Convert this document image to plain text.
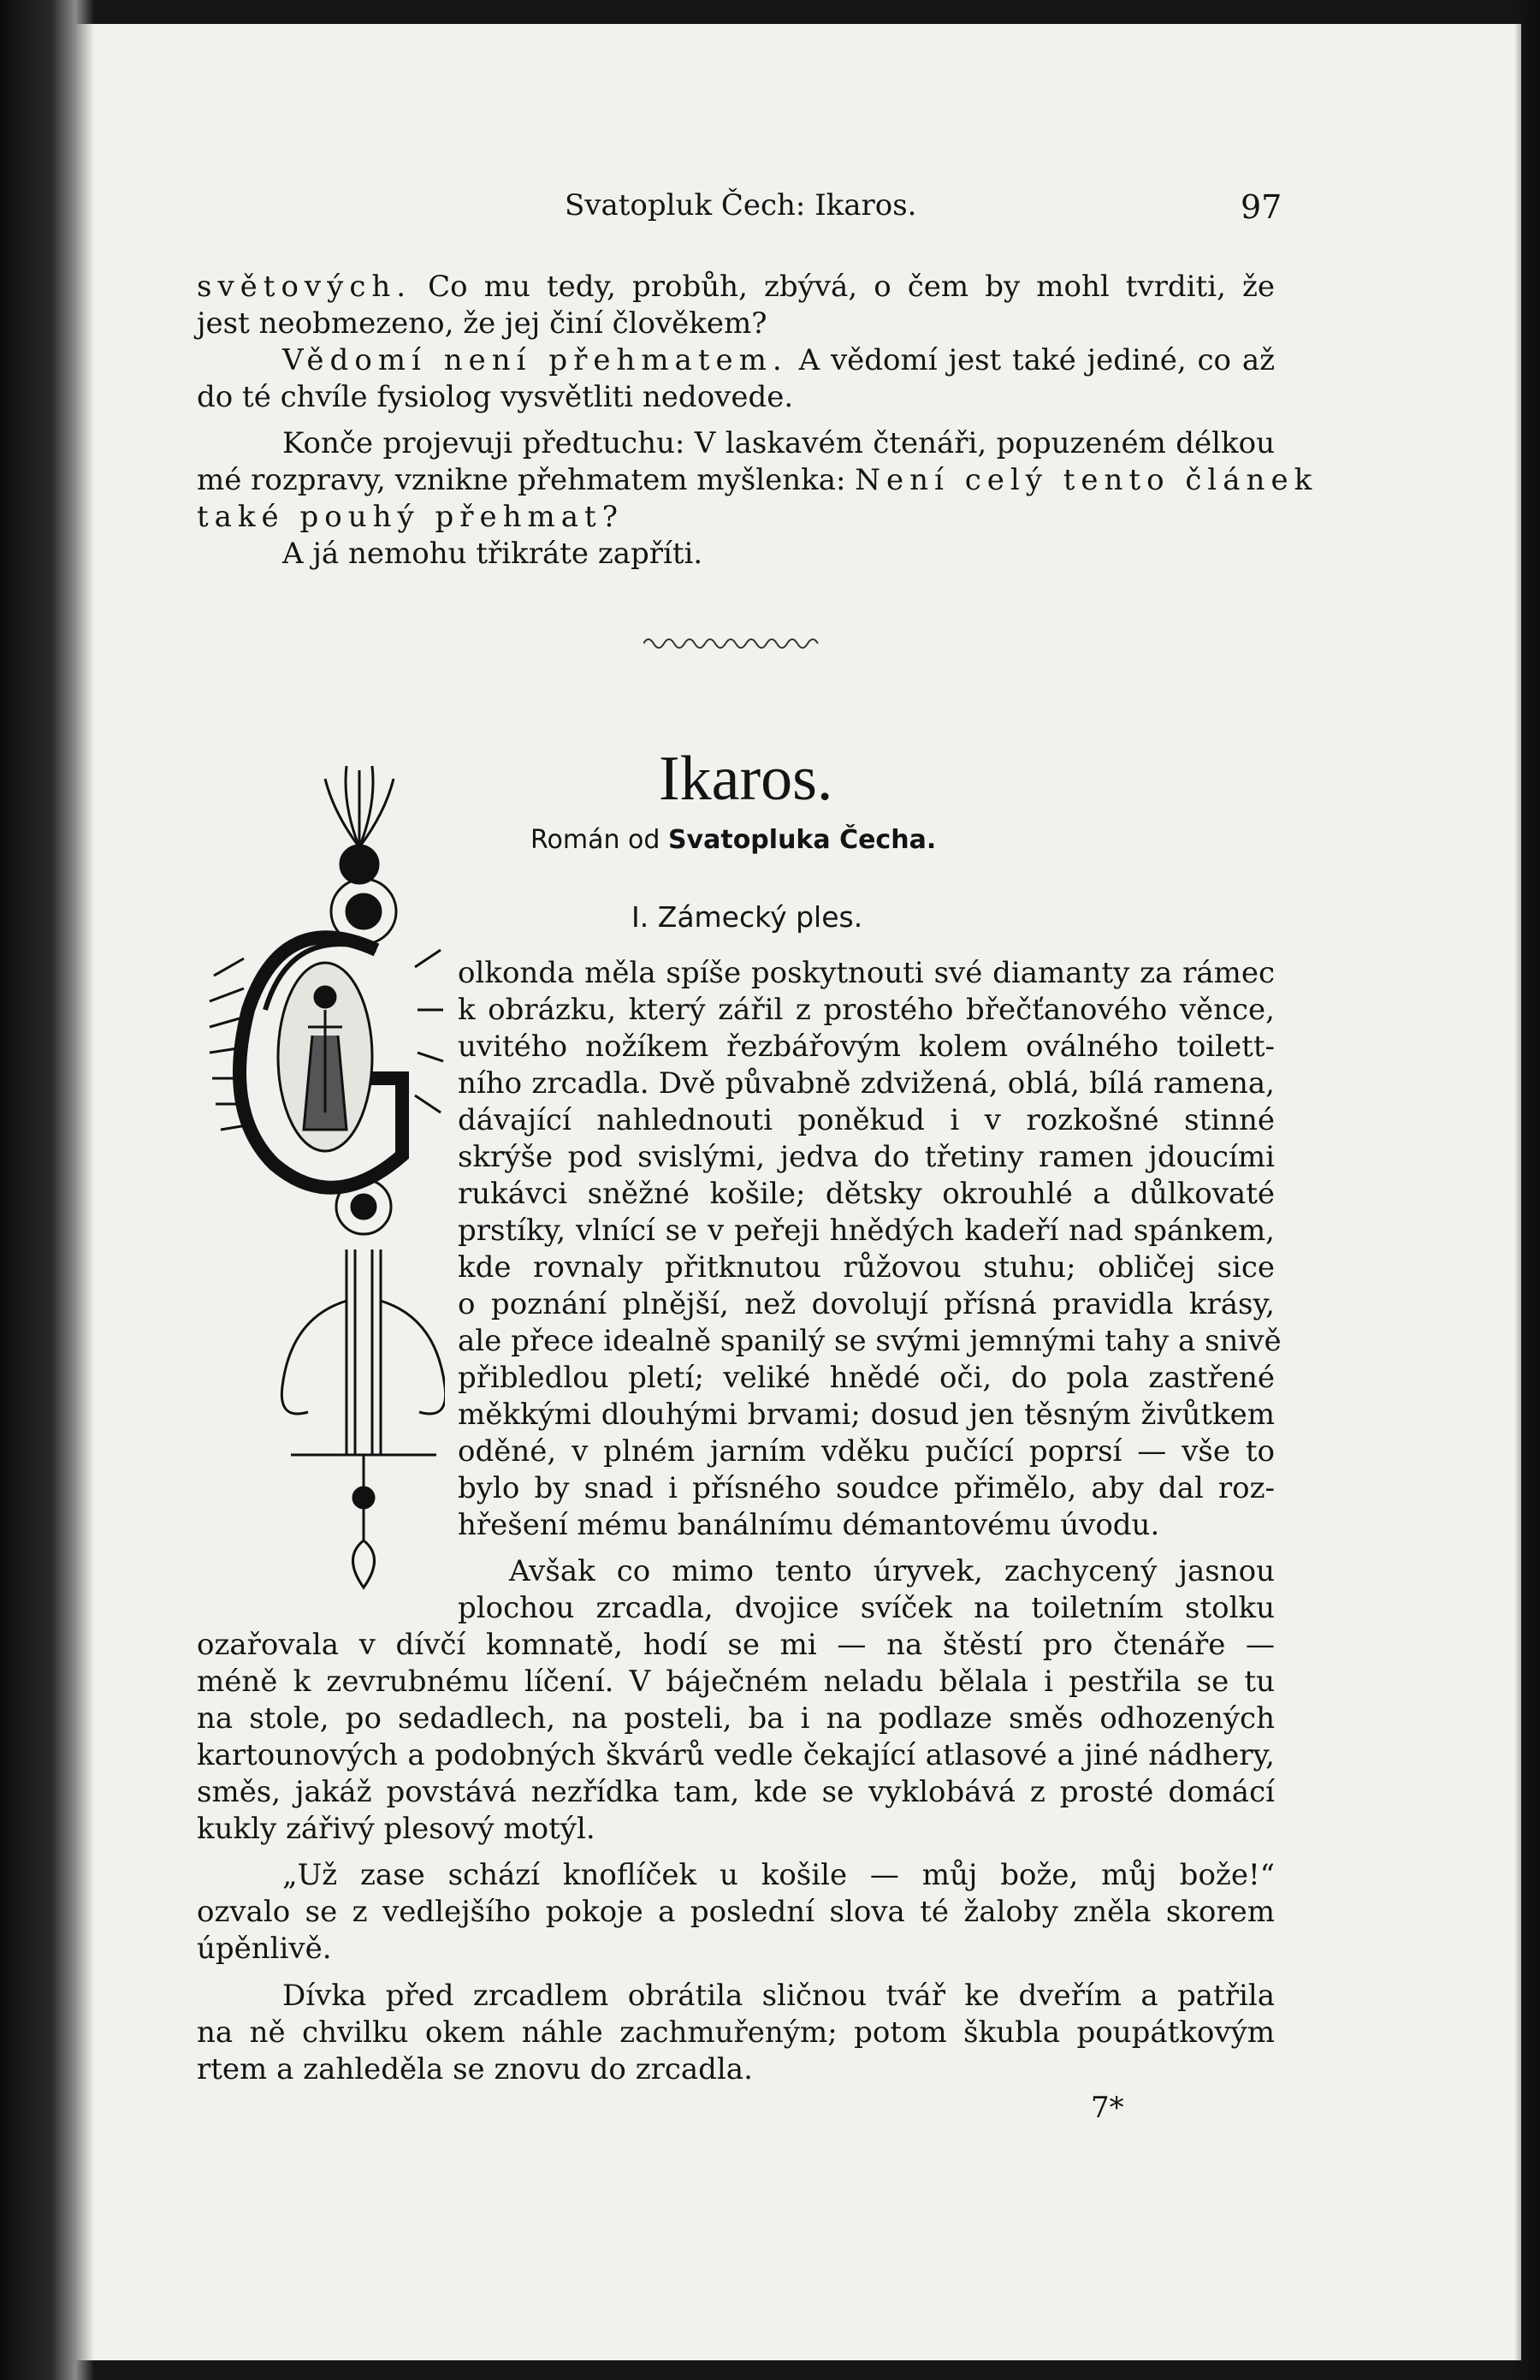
Svatopluk Čech: Ikaros.	97

světových. Co mu tedy, probůh, zbývá, o čem by mohl tvrditi, že

jest neobmezeno, že jej činí člověkem?

Vědomí není přehmatem. A vědomí jest také jediné, co až

do té chvíle fysiolog vysvětliti nedovede.

Konče projevuji předtuchu: V laskavém čtenáři, popuzeném délkou

mé rozpravy, vznikne přehmatem myšlenka: Není celý tento článek

také pouhý přehmat?

A já nemohu třikráte zapříti.

Ikaros.
Román od Svatopluka Čecha.
I. Zámecký ples.

olkonda měla spíše poskytnouti své diamanty za rámec

k obrázku, který zářil z prostého břečťanového věnce,

uvitého nožíkem řezbářovým kolem oválného toilett-

ního zrcadla. Dvě půvabně zdvižená, oblá, bílá ramena,

dávající nahlednouti poněkud i v rozkošné stinné

skrýše pod svislými, jedva do třetiny ramen jdoucími

rukávci sněžné košile; dětsky okrouhlé a důlkovaté

prstíky, vlnící se v peřeji hnědých kadeří nad spánkem,

kde rovnaly přitknutou růžovou stuhu; obličej sice

o poznání plnější, než dovolují přísná pravidla krásy,

ale přece idealně spanilý se svými jemnými tahy a snivě

přibledlou pletí; veliké hnědé oči, do pola zastřené

měkkými dlouhými brvami; dosud jen těsným živůtkem

oděné, v plném jarním vděku pučící poprsí — vše to

bylo by snad i přísného soudce přimělo, aby dal roz-

hřešení mému banálnímu démantovému úvodu.

Avšak co mimo tento úryvek, zachycený jasnou

plochou zrcadla, dvojice svíček na toiletním stolku

ozařovala v dívčí komnatě, hodí se mi — na štěstí pro čtenáře —

méně k zevrubnému líčení. V báječném neladu bělala i pestřila se tu

na stole, po sedadlech, na posteli, ba i na podlaze směs odhozených

kartounových a podobných škvárů vedle čekající atlasové a jiné nádhery,

směs, jakáž povstává nezřídka tam, kde se vyklobává z prosté domácí

kukly zářivý plesový motýl.

„Už zase schází knoflíček u košile — můj bože, můj bože!“

ozvalo se z vedlejšího pokoje a poslední slova té žaloby zněla skorem

úpěnlivě.

Dívka před zrcadlem obrátila sličnou tvář ke dveřím a patřila

na ně chvilku okem náhle zachmuřeným; potom škubla poupátkovým

rtem a zahleděla se znovu do zrcadla.

7*
